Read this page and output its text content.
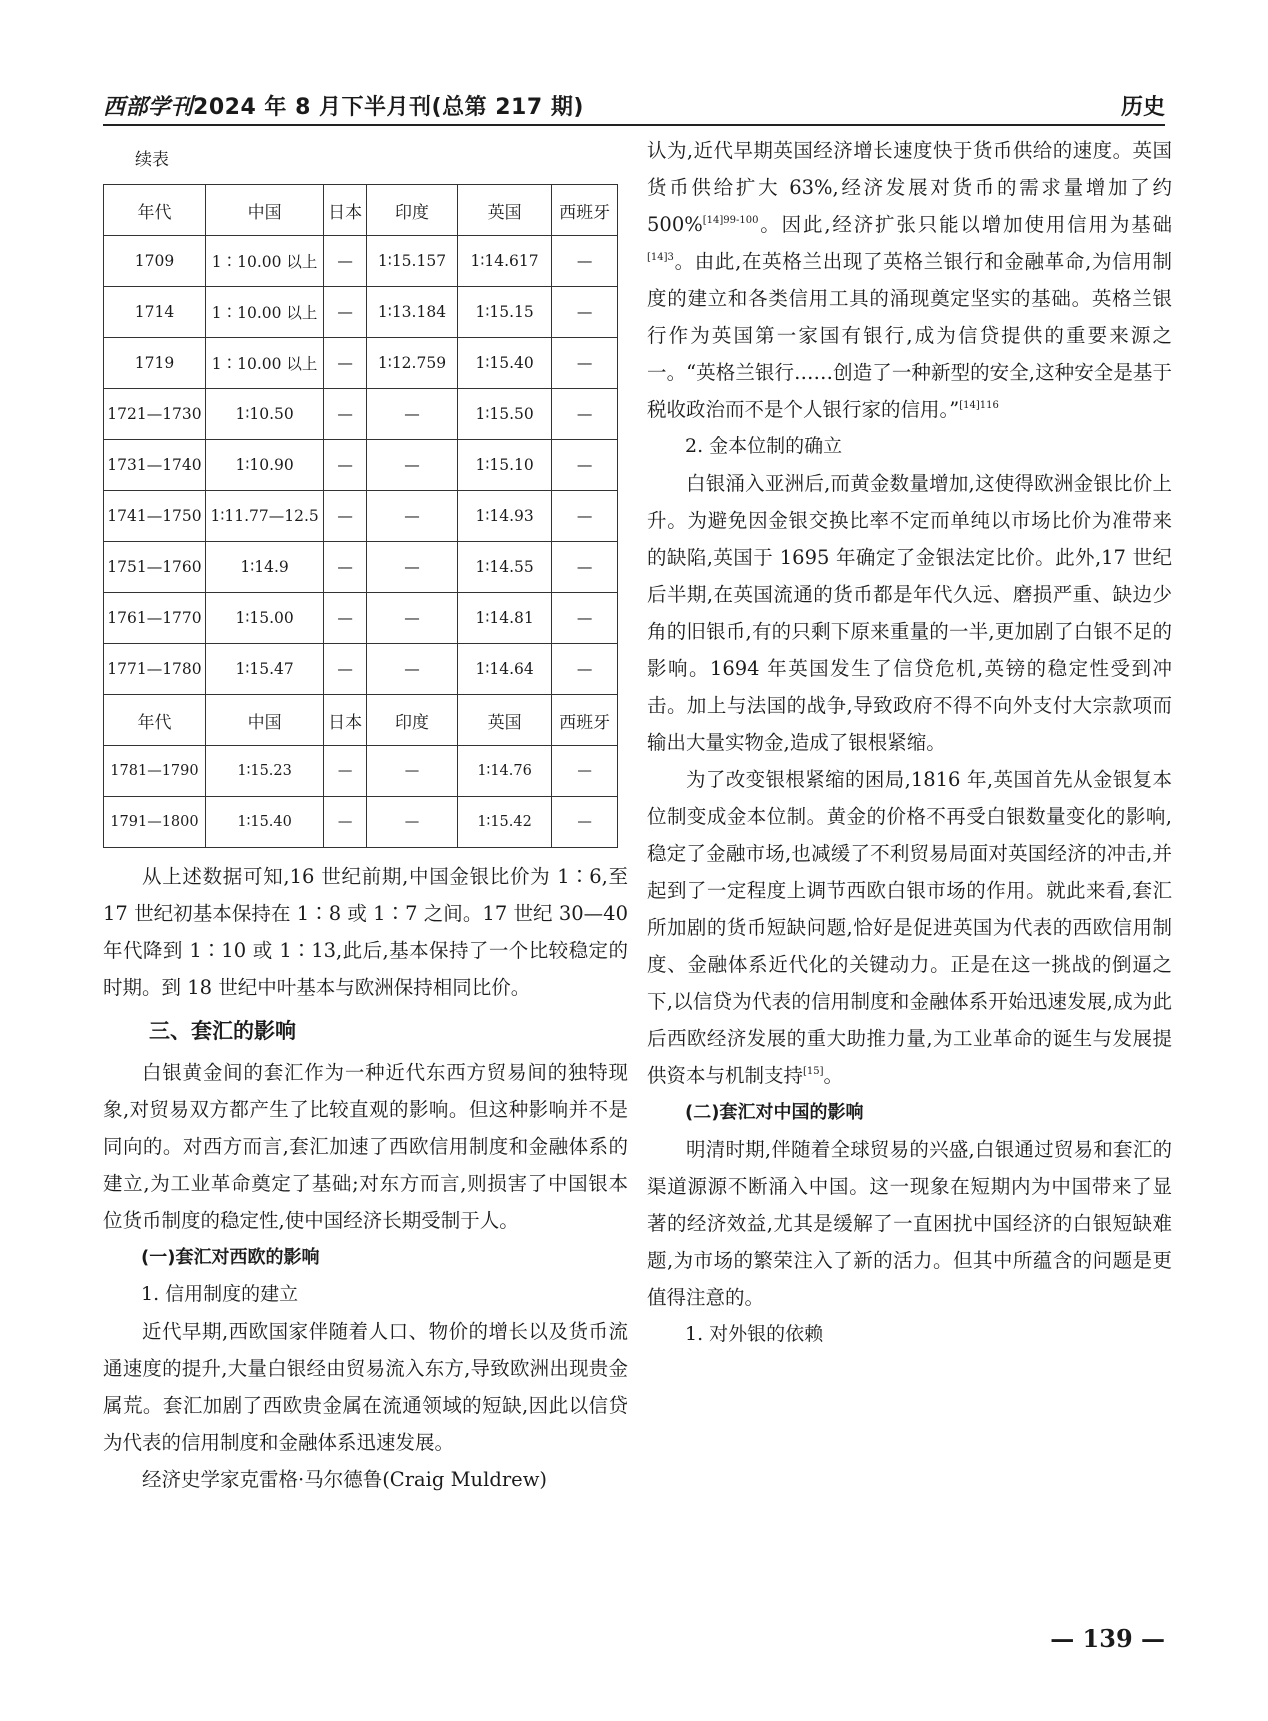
西部学刊2024 年 8 月下半月刊(总第 217 期)	历史
续表
年代	中国	日本	印度	英国	西班牙
1709	1∶10.00 以上	—	1∶15.157	1∶14.617	—
1714	1∶10.00 以上	—	1∶13.184	1∶15.15	—
1719	1∶10.00 以上	—	1∶12.759	1∶15.40	—
1721—1730	1∶10.50	—	—	1∶15.50	—
1731—1740	1∶10.90	—	—	1∶15.10	—
1741—1750	1∶11.77—12.5	—	—	1∶14.93	—
1751—1760	1∶14.9	—	—	1∶14.55	—
1761—1770	1∶15.00	—	—	1∶14.81	—
1771—1780	1∶15.47	—	—	1∶14.64	—
年代	中国	日本	印度	英国	西班牙
1781—1790	1∶15.23	—	—	1∶14.76	—
1791—1800	1∶15.40	—	—	1∶15.42	—

从上述数据可知,16 世纪前期,中国金银比价为 1∶6,至 17 世纪初基本保持在 1∶8 或 1∶7 之间。17 世纪 30—40 年代降到 1∶10 或 1∶13,此后,基本保持了一个比较稳定的时期。到 18 世纪中叶基本与欧洲保持相同比价。

三、套汇的影响

白银黄金间的套汇作为一种近代东西方贸易间的独特现象,对贸易双方都产生了比较直观的影响。但这种影响并不是同向的。对西方而言,套汇加速了西欧信用制度和金融体系的建立,为工业革命奠定了基础;对东方而言,则损害了中国银本位货币制度的稳定性,使中国经济长期受制于人。

(一)套汇对西欧的影响
1. 信用制度的建立

近代早期,西欧国家伴随着人口、物价的增长以及货币流通速度的提升,大量白银经由贸易流入东方,导致欧洲出现贵金属荒。套汇加剧了西欧贵金属在流通领域的短缺,因此以信贷为代表的信用制度和金融体系迅速发展。

经济史学家克雷格·马尔德鲁(Craig Muldrew)

认为,近代早期英国经济增长速度快于货币供给的速度。英国货币供给扩大 63%,经济发展对货币的需求量增加了约 500%$^{[14]99-100}$。因此,经济扩张只能以增加使用信用为基础$^{[14]3}$。由此,在英格兰出现了英格兰银行和金融革命,为信用制度的建立和各类信用工具的涌现奠定坚实的基础。英格兰银行作为英国第一家国有银行,成为信贷提供的重要来源之一。“英格兰银行……创造了一种新型的安全,这种安全是基于税收政治而不是个人银行家的信用。”$^{[14]116}$

2. 金本位制的确立

白银涌入亚洲后,而黄金数量增加,这使得欧洲金银比价上升。为避免因金银交换比率不定而单纯以市场比价为准带来的缺陷,英国于 1695 年确定了金银法定比价。此外,17 世纪后半期,在英国流通的货币都是年代久远、磨损严重、缺边少角的旧银币,有的只剩下原来重量的一半,更加剧了白银不足的影响。1694 年英国发生了信贷危机,英镑的稳定性受到冲击。加上与法国的战争,导致政府不得不向外支付大宗款项而输出大量实物金,造成了银根紧缩。

为了改变银根紧缩的困局,1816 年,英国首先从金银复本位制变成金本位制。黄金的价格不再受白银数量变化的影响,稳定了金融市场,也减缓了不利贸易局面对英国经济的冲击,并起到了一定程度上调节西欧白银市场的作用。就此来看,套汇所加剧的货币短缺问题,恰好是促进英国为代表的西欧信用制度、金融体系近代化的关键动力。正是在这一挑战的倒逼之下,以信贷为代表的信用制度和金融体系开始迅速发展,成为此后西欧经济发展的重大助推力量,为工业革命的诞生与发展提供资本与机制支持[15]。

(二)套汇对中国的影响

明清时期,伴随着全球贸易的兴盛,白银通过贸易和套汇的渠道源源不断涌入中国。这一现象在短期内为中国带来了显著的经济效益,尤其是缓解了一直困扰中国经济的白银短缺难题,为市场的繁荣注入了新的活力。但其中所蕴含的问题是更值得注意的。

1. 对外银的依赖
— 139 —
